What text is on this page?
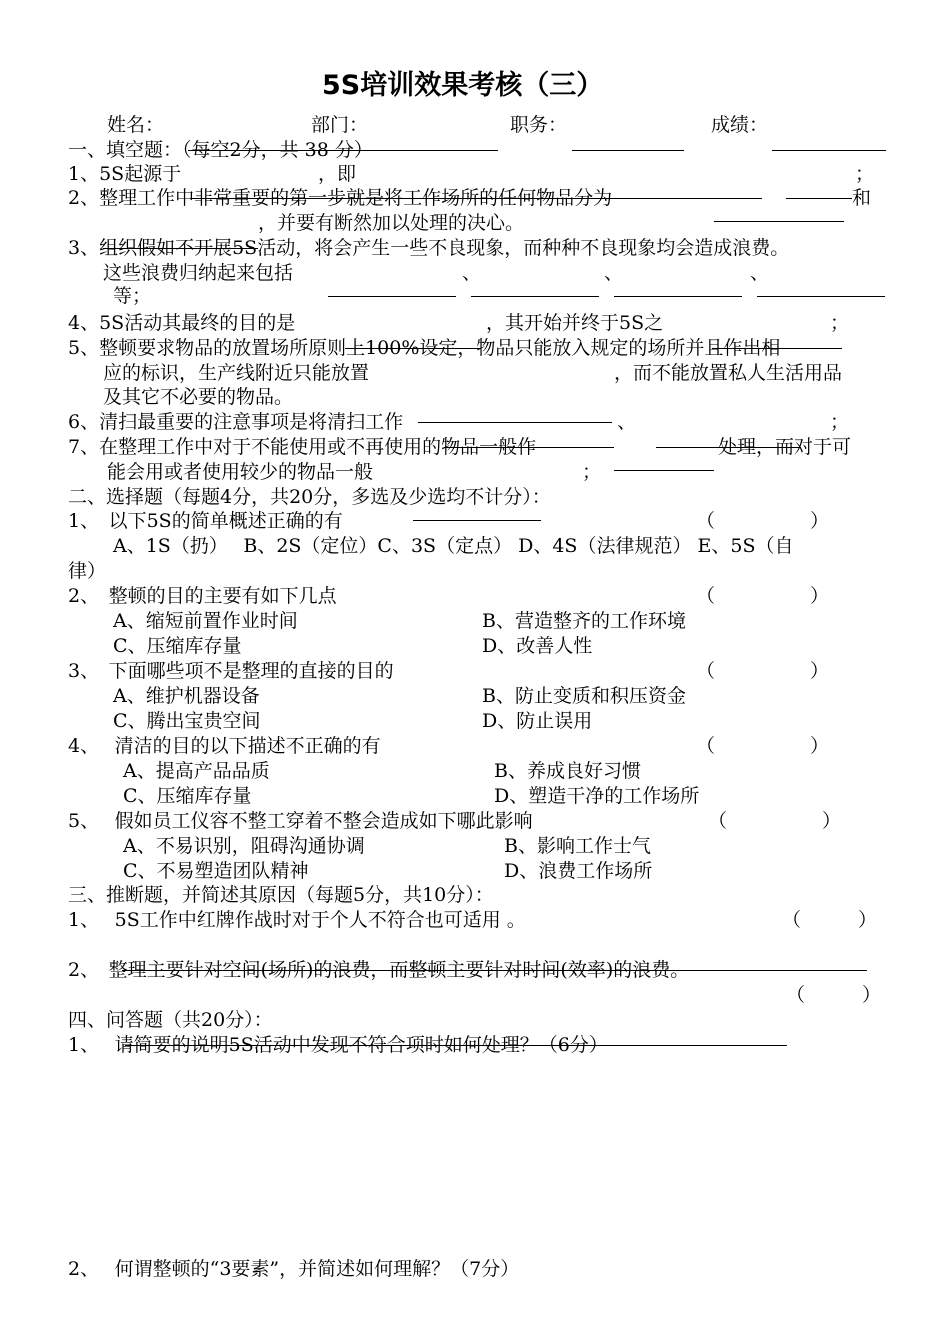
5S培训效果考核（三）
姓名：	部门：	职务：	成绩：
一、填空题：（每空2分，共 38 分）
1、5S起源于	，即	；
2、整理工作中非常重要的第一步就是将工作场所的任何物品分为	和
，并要有断然加以处理的决心。
3、组织假如不开展5S活动，将会产生一些不良现象，而种种不良现象均会造成浪费。
这些浪费归纳起来包括	、	、	、
等；
4、5S活动其最终的目的是	，其开始并终于5S之	；
5、整顿要求物品的放置场所原则上100%设定，物品只能放入规定的场所并且作出相
应的标识，生产线附近只能放置	，而不能放置私人生活用品
及其它不必要的物品。
6、清扫最重要的注意事项是将清扫工作	、	；
7、在整理工作中对于不能使用或不再使用的物品一般作	处理，而对于可
能会用或者使用较少的物品一般	；
二、选择题（每题4分，共20分，多选及少选均不计分）：
1、　以下5S的简单概述正确的有	（　　　　　）
A、1S（扔）　 B、2S（定位）C、3S（定点） D、4S（法律规范） E、5S（自
律）
2、　整顿的目的主要有如下几点	（　　　　　）
A、缩短前置作业时间	B、营造整齐的工作环境
C、压缩库存量	D、改善人性
3、　下面哪些项不是整理的直接的目的	（　　　　　）
A、维护机器设备	B、防止变质和积压资金
C、腾出宝贵空间	D、防止误用
4、　 清洁的目的以下描述不正确的有	（　　　　　）
A、提高产品品质	B、养成良好习惯
C、压缩库存量	D、塑造干净的工作场所
5、　 假如员工仪容不整工穿着不整会造成如下哪此影响	（　　　　　）
A、不易识别，阻碍沟通协调	B、影响工作士气
C、不易塑造团队精神	D、浪费工作场所
三、推断题，并简述其原因（每题5分，共10分）：
1、　 5S工作中红牌作战时对于个人不符合也可适用 。	（　　　）
2、　整理主要针对空间(场所)的浪费，而整顿主要针对时间(效率)的浪费。
（　　　）
四、问答题（共20分）：
1、　 请简要的说明5S活动中发现不符合项时如何处理？（6分）
2、　 何谓整顿的“3要素”，并简述如何理解？（7分）
